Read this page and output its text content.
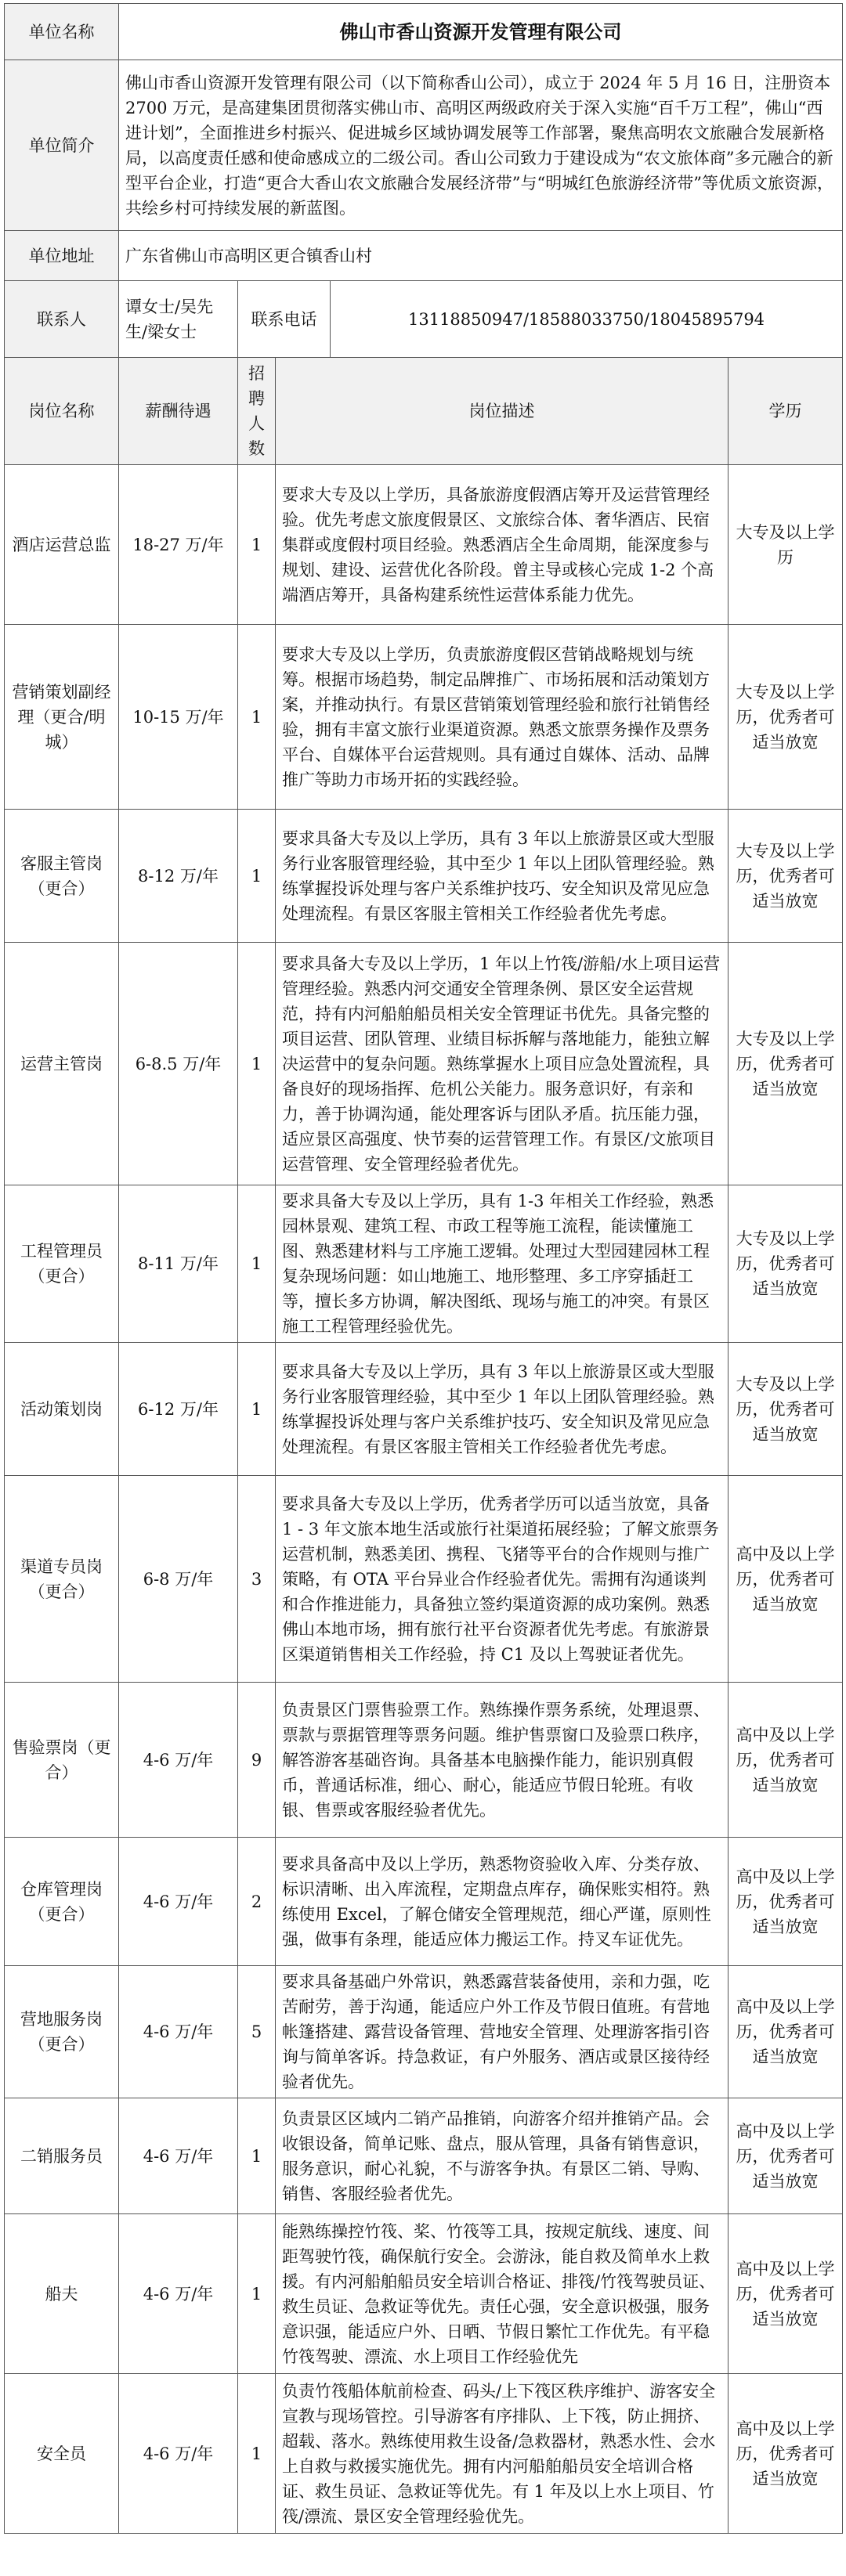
单位名称	佛山市香山资源开发管理有限公司				
单位简介	佛山市香山资源开发管理有限公司（以下简称香山公司），成立于 2024 年 5 月 16 日，注册资本 2700 万元，是高建集团贯彻落实佛山市、高明区两级政府关于深入实施“百千万工程”，佛山“西进计划”，全面推进乡村振兴、促进城乡区域协调发展等工作部署，聚焦高明农文旅融合发展新格局，以高度责任感和使命感成立的二级公司。香山公司致力于建设成为“农文旅体商”多元融合的新型平台企业，打造“更合大香山农文旅融合发展经济带”与“明城红色旅游经济带”等优质文旅资源，共绘乡村可持续发展的新蓝图。				
单位地址	广东省佛山市高明区更合镇香山村				
联系人	谭女士/吴先生/梁女士	联系电话		13118850947/18588033750/18045895794	
岗位名称	薪酬待遇	招聘人数	岗位描述		学历
酒店运营总监	18-27 万/年	1	要求大专及以上学历，具备旅游度假酒店筹开及运营管理经验。优先考虑文旅度假景区、文旅综合体、奢华酒店、民宿集群或度假村项目经验。熟悉酒店全生命周期，能深度参与规划、建设、运营优化各阶段。曾主导或核心完成 1-2 个高端酒店筹开，具备构建系统性运营体系能力优先。		大专及以上学历
营销策划副经理（更合/明城）	10-15 万/年	1	要求大专及以上学历，负责旅游度假区营销战略规划与统筹。根据市场趋势，制定品牌推广、市场拓展和活动策划方案，并推动执行。有景区营销策划管理经验和旅行社销售经验，拥有丰富文旅行业渠道资源。熟悉文旅票务操作及票务平台、自媒体平台运营规则。具有通过自媒体、活动、品牌推广等助力市场开拓的实践经验。		大专及以上学历，优秀者可适当放宽
客服主管岗（更合）	8-12 万/年	1	要求具备大专及以上学历，具有 3 年以上旅游景区或大型服务行业客服管理经验，其中至少 1 年以上团队管理经验。熟练掌握投诉处理与客户关系维护技巧、安全知识及常见应急处理流程。有景区客服主管相关工作经验者优先考虑。		大专及以上学历，优秀者可适当放宽
运营主管岗	6-8.5 万/年	1	要求具备大专及以上学历，1 年以上竹筏/游船/水上项目运营管理经验。熟悉内河交通安全管理条例、景区安全运营规范，持有内河船舶船员相关安全管理证书优先。具备完整的项目运营、团队管理、业绩目标拆解与落地能力，能独立解决运营中的复杂问题。熟练掌握水上项目应急处置流程，具备良好的现场指挥、危机公关能力。服务意识好，有亲和力，善于协调沟通，能处理客诉与团队矛盾。抗压能力强，适应景区高强度、快节奏的运营管理工作。有景区/文旅项目运营管理、安全管理经验者优先。		大专及以上学历，优秀者可适当放宽
工程管理员（更合）	8-11 万/年	1	要求具备大专及以上学历，具有 1-3 年相关工作经验，熟悉园林景观、建筑工程、市政工程等施工流程，能读懂施工图、熟悉建材料与工序施工逻辑。处理过大型园建园林工程复杂现场问题：如山地施工、地形整理、多工序穿插赶工等，擅长多方协调，解决图纸、现场与施工的冲突。有景区施工工程管理经验优先。		大专及以上学历，优秀者可适当放宽
活动策划岗	6-12 万/年	1	要求具备大专及以上学历，具有 3 年以上旅游景区或大型服务行业客服管理经验，其中至少 1 年以上团队管理经验。熟练掌握投诉处理与客户关系维护技巧、安全知识及常见应急处理流程。有景区客服主管相关工作经验者优先考虑。		大专及以上学历，优秀者可适当放宽
渠道专员岗（更合）	6-8 万/年	3	要求具备大专及以上学历，优秀者学历可以适当放宽，具备 1 - 3 年文旅本地生活或旅行社渠道拓展经验；了解文旅票务运营机制，熟悉美团、携程、飞猪等平台的合作规则与推广策略，有 OTA 平台异业合作经验者优先。需拥有沟通谈判和合作推进能力，具备独立签约渠道资源的成功案例。熟悉佛山本地市场，拥有旅行社平台资源者优先考虑。有旅游景区渠道销售相关工作经验，持 C1 及以上驾驶证者优先。		高中及以上学历，优秀者可适当放宽
售验票岗（更合）	4-6 万/年	9	负责景区门票售验票工作。熟练操作票务系统，处理退票、票款与票据管理等票务问题。维护售票窗口及验票口秩序，解答游客基础咨询。具备基本电脑操作能力，能识别真假币，普通话标准，细心、耐心，能适应节假日轮班。有收银、售票或客服经验者优先。		高中及以上学历，优秀者可适当放宽
仓库管理岗（更合）	4-6 万/年	2	要求具备高中及以上学历，熟悉物资验收入库、分类存放、标识清晰、出入库流程，定期盘点库存，确保账实相符。熟练使用 Excel，了解仓储安全管理规范，细心严谨，原则性强，做事有条理，能适应体力搬运工作。持叉车证优先。		高中及以上学历，优秀者可适当放宽
营地服务岗（更合）	4-6 万/年	5	要求具备基础户外常识，熟悉露营装备使用，亲和力强，吃苦耐劳，善于沟通，能适应户外工作及节假日值班。有营地帐篷搭建、露营设备管理、营地安全管理、处理游客指引咨询与简单客诉。持急救证，有户外服务、酒店或景区接待经验者优先。		高中及以上学历，优秀者可适当放宽
二销服务员	4-6 万/年	1	负责景区区域内二销产品推销，向游客介绍并推销产品。会收银设备，简单记账、盘点，服从管理，具备有销售意识，服务意识，耐心礼貌，不与游客争执。有景区二销、导购、销售、客服经验者优先。		高中及以上学历，优秀者可适当放宽
船夫	4-6 万/年	1	能熟练操控竹筏、桨、竹筏等工具，按规定航线、速度、间距驾驶竹筏，确保航行安全。会游泳，能自救及简单水上救援。有内河船舶船员安全培训合格证、排筏/竹筏驾驶员证、救生员证、急救证等优先。责任心强，安全意识极强，服务意识强，能适应户外、日晒、节假日繁忙工作优先。有平稳竹筏驾驶、漂流、水上项目工作经验优先		高中及以上学历，优秀者可适当放宽
安全员	4-6 万/年	1	负责竹筏船体航前检查、码头/上下筏区秩序维护、游客安全宣教与现场管控。引导游客有序排队、上下筏，防止拥挤、超载、落水。熟练使用救生设备/急救器材，熟悉水性、会水上自救与救援实施优先。拥有内河船舶船员安全培训合格证、救生员证、急救证等优先。有 1 年及以上水上项目、竹筏/漂流、景区安全管理经验优先。		高中及以上学历，优秀者可适当放宽
